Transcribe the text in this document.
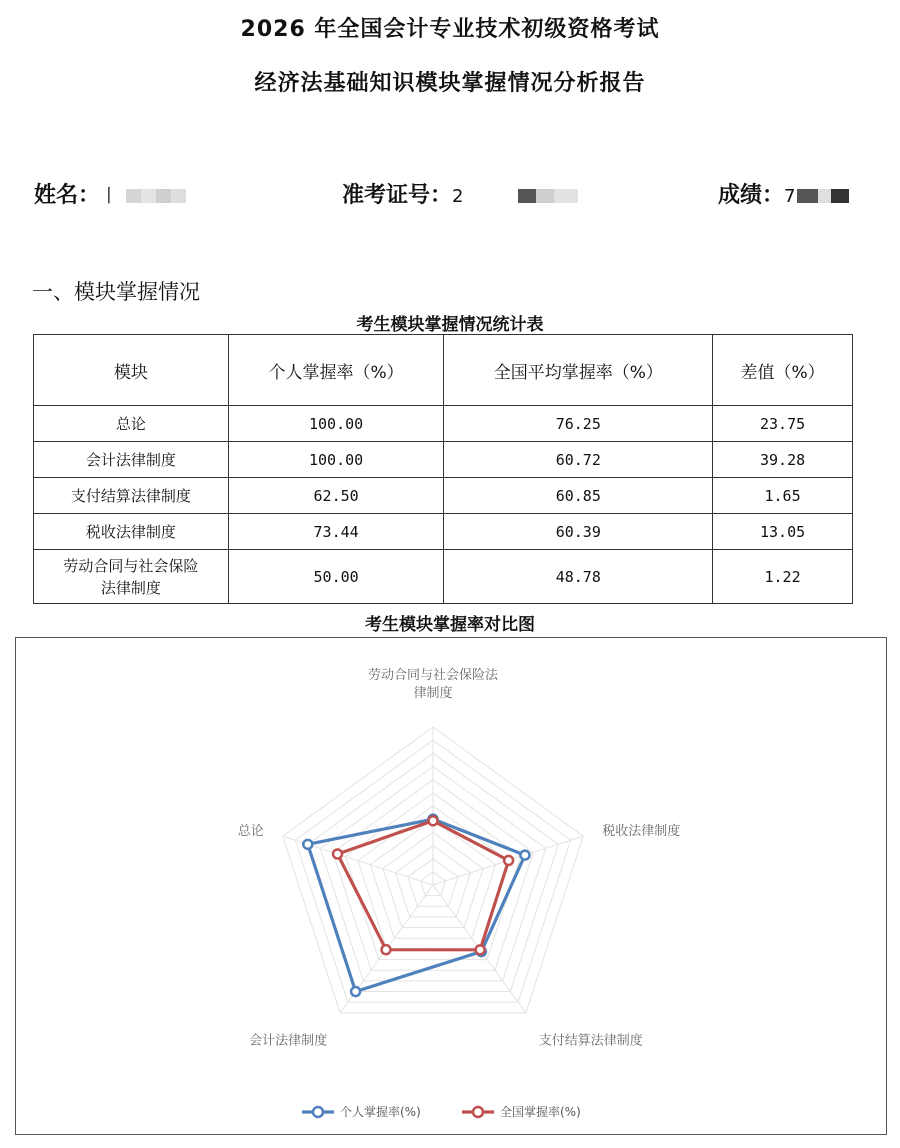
2026 年全国会计专业技术初级资格考试
经济法基础知识模块掌握情况分析报告
姓名：丨	准考证号：2	成绩：7
一、模块掌握情况
考生模块掌握情况统计表
模块	个人掌握率（%）	全国平均掌握率（%）	差值（%）
总论	100.00	76.25	23.75
会计法律制度	100.00	60.72	39.28
支付结算法律制度	62.50	60.85	1.65
税收法律制度	73.44	60.39	13.05
劳动合同与社会保险
法律制度	50.00	48.78	1.22
考生模块掌握率对比图
劳动合同与社会保险法律制度
税收法律制度
支付结算法律制度
会计法律制度
总论
个人掌握率(%)	全国掌握率(%)
